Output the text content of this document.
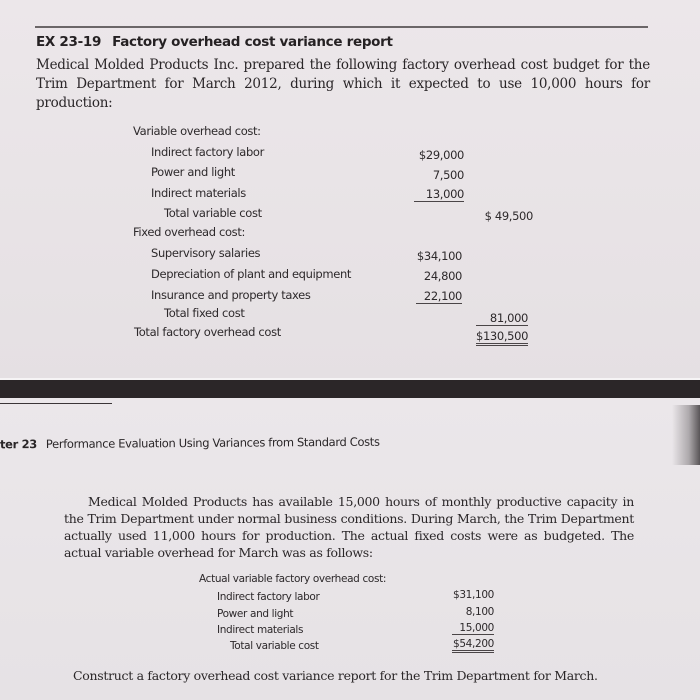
EX 23-19 Factory overhead cost variance report

Medical Molded Products Inc. prepared the following factory overhead cost budget for the Trim Department for March 2012, during which it expected to use 10,000 hours for production:

Variable overhead cost:
Indirect factory labor	$29,000
Power and light	7,500
Indirect materials	13,000
Total variable cost	$ 49,500
Fixed overhead cost:
Supervisory salaries	$34,100
Depreciation of plant and equipment	24,800
Insurance and property taxes	22,100
Total fixed cost	81,000
Total factory overhead cost	$130,500
ter 23 Performance Evaluation Using Variances from Standard Costs

Medical Molded Products has available 15,000 hours of monthly productive capacity in the Trim Department under normal business conditions. During March, the Trim Department actually used 11,000 hours for production. The actual fixed costs were as budgeted. The actual variable overhead for March was as follows:

Actual variable factory overhead cost:
Indirect factory labor	$31,100
Power and light	8,100
Indirect materials	15,000
Total variable cost	$54,200

Construct a factory overhead cost variance report for the Trim Department for March.
